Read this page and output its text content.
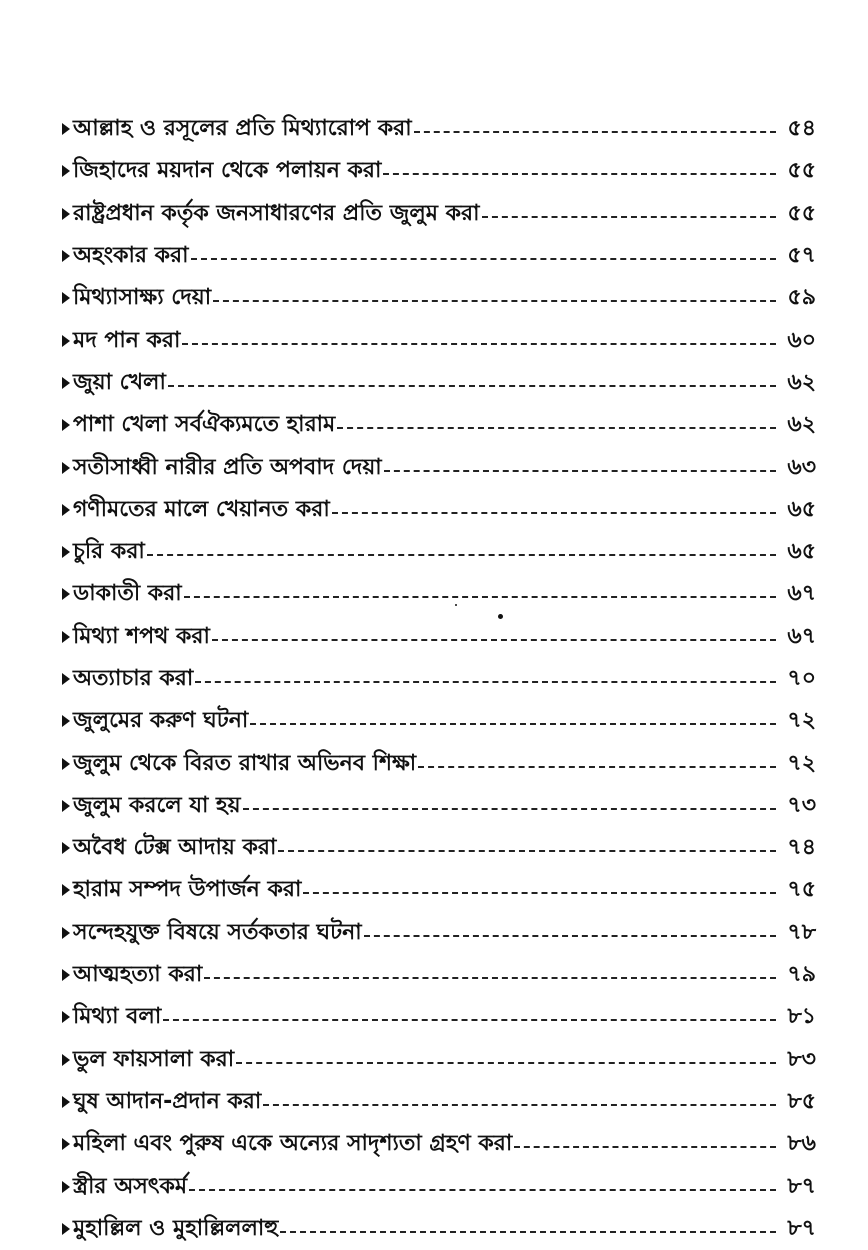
আল্লাহ ও রসূলের প্রতি মিথ্যারোপ করা	৫৪
জিহাদের ময়দান থেকে পলায়ন করা	৫৫
রাষ্ট্রপ্রধান কর্তৃক জনসাধারণের প্রতি জুলুম করা	৫৫
অহংকার করা	৫৭
মিথ্যাসাক্ষ্য দেয়া	৫৯
মদ পান করা	৬০
জুয়া খেলা	৬২
পাশা খেলা সর্বঐক্যমতে হারাম	৬২
সতীসাধ্বী নারীর প্রতি অপবাদ দেয়া	৬৩
গণীমতের মালে খেয়ানত করা	৬৫
চুরি করা	৬৫
ডাকাতী করা	৬৭
মিথ্যা শপথ করা	৬৭
অত্যাচার করা	৭০
জুলুমের করুণ ঘটনা	৭২
জুলুম থেকে বিরত রাখার অভিনব শিক্ষা	৭২
জুলুম করলে যা হয়	৭৩
অবৈধ টেক্স আদায় করা	৭৪
হারাম সম্পদ উপার্জন করা	৭৫
সন্দেহযুক্ত বিষয়ে সর্তকতার ঘটনা	৭৮
আত্মহত্যা করা	৭৯
মিথ্যা বলা	৮১
ভুল ফায়সালা করা	৮৩
ঘুষ আদান-প্রদান করা	৮৫
মহিলা এবং পুরুষ একে অন্যের সাদৃশ্যতা গ্রহণ করা	৮৬
স্ত্রীর অসৎকর্ম	৮৭
মুহাল্লিল ও মুহাল্লিললাহু	৮৭
